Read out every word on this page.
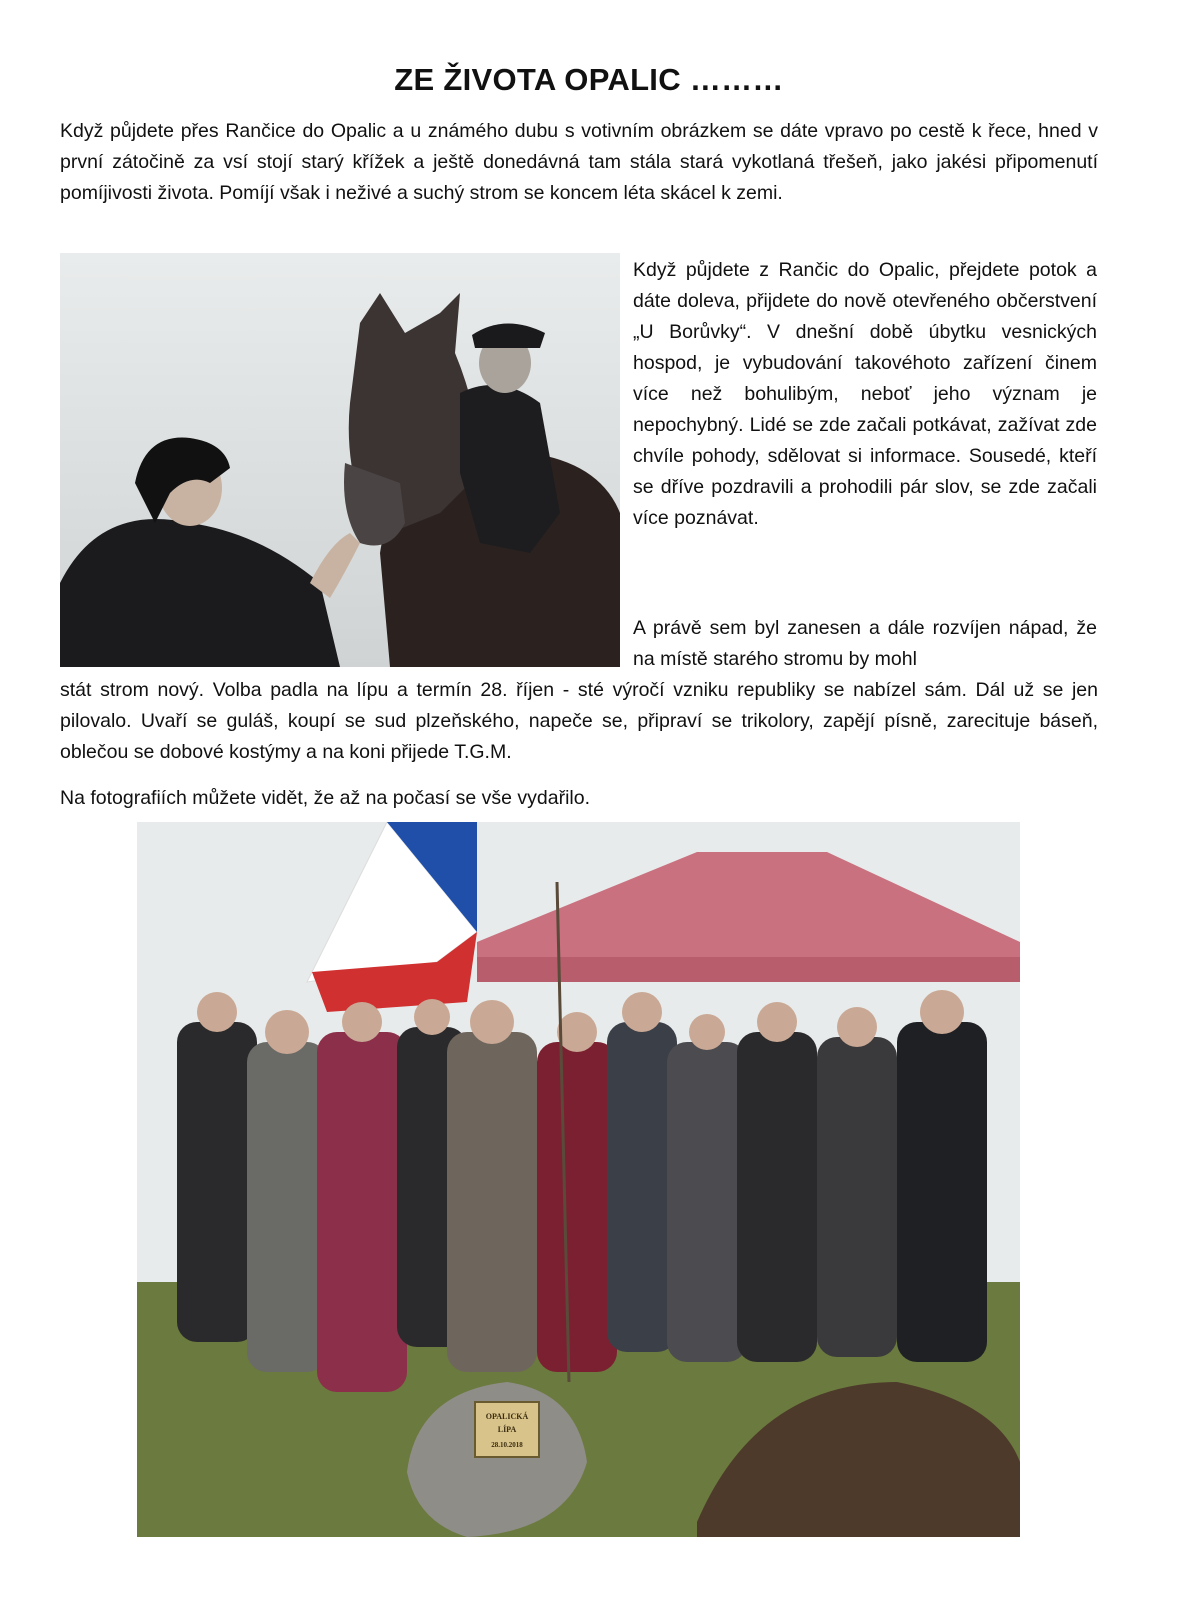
ZE ŽIVOTA OPALIC ………

Když půjdete přes Rančice do Opalic a u známého dubu s votivním obrázkem se dáte vpravo po cestě k řece, hned v první zátočině za vsí stojí starý křížek a ještě donedávná tam stála stará vykotlaná třešeň, jako jakési připomenutí pomíjivosti života. Pomíjí však i neživé a suchý strom se koncem léta skácel k zemi.

Když půjdete z Rančic do Opalic, přejdete potok a dáte doleva, přijdete do nově otevřeného občerstvení „U Borůvky“. V dnešní době úbytku vesnických hospod, je vybudování takovéhoto zařízení činem více než bohulibým, neboť jeho význam je nepochybný. Lidé se zde začali potkávat, zažívat zde chvíle pohody, sdělovat si informace. Sousedé, kteří se dříve pozdravili a prohodili pár slov, se zde začali více poznávat.

A právě sem byl zanesen a dále rozvíjen nápad, že na místě starého stromu by mohl

stát strom nový. Volba padla na lípu a termín 28. říjen - sté výročí vzniku republiky se nabízel sám. Dál už se jen pilovalo. Uvaří se guláš, koupí se sud plzeňského, napeče se, připraví se trikolory, zapějí písně, zarecituje báseň, oblečou se dobové kostýmy a na koni přijede T.G.M.

Na fotografiích můžete vidět, že až na počasí se vše vydařilo.

OPALICKÁ
LÍPA
28.10.2018
